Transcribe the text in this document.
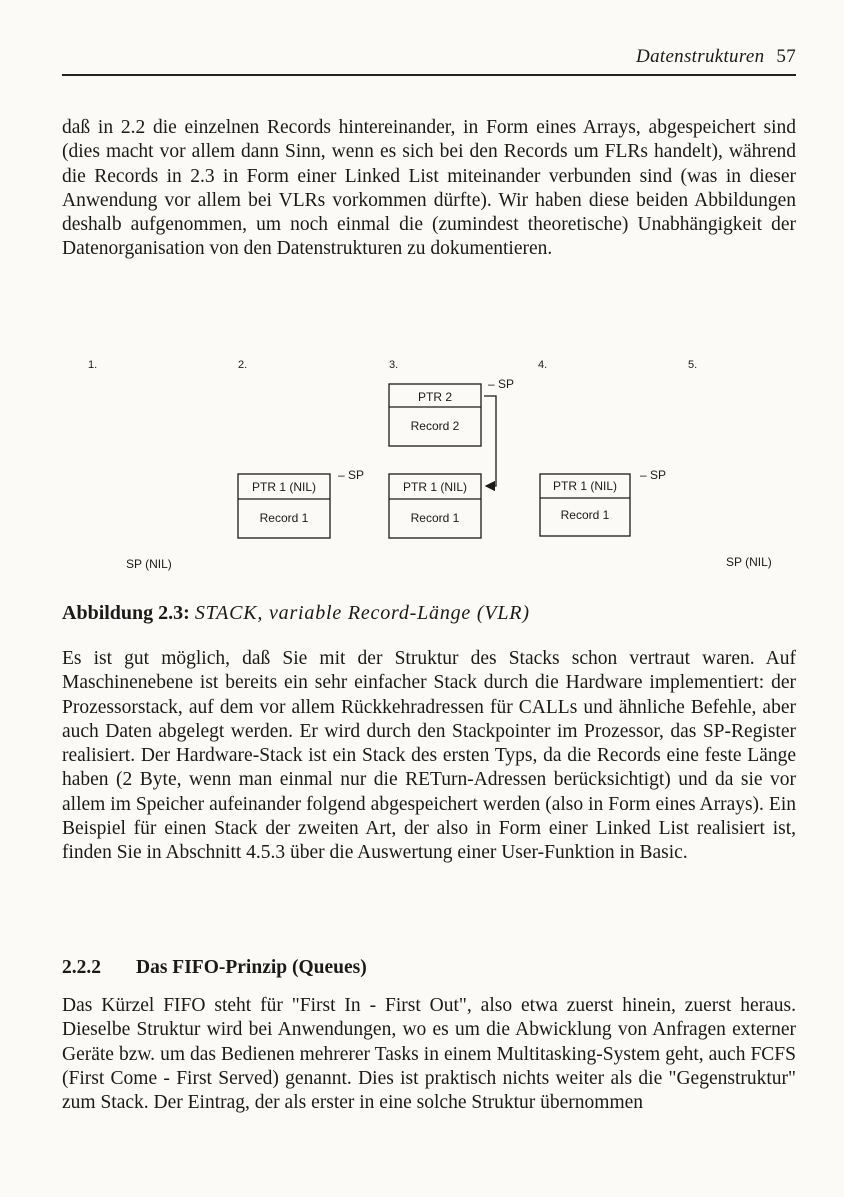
Datenstrukturen 57

daß in 2.2 die einzelnen Records hintereinander, in Form eines Arrays, abgespeichert sind (dies macht vor allem dann Sinn, wenn es sich bei den Records um FLRs handelt), während die Records in 2.3 in Form einer Linked List miteinander verbunden sind (was in dieser Anwendung vor allem bei VLRs vorkommen dürfte). Wir haben diese beiden Abbildungen deshalb aufgenommen, um noch einmal die (zumindest theoretische) Unabhängigkeit der Datenorganisation von den Datenstrukturen zu dokumentieren.

1.	2.	3.	4.	5.
PTR 1 (NIL)
Record 1
– SP
PTR 2
Record 2
– SP
PTR 1 (NIL)
Record 1
PTR 1 (NIL)
Record 1
– SP
SP (NIL)	SP (NIL)

Abbildung 2.3: STACK, variable Record-Länge (VLR)

Es ist gut möglich, daß Sie mit der Struktur des Stacks schon vertraut waren. Auf Maschinenebene ist bereits ein sehr einfacher Stack durch die Hardware implementiert: der Prozessorstack, auf dem vor allem Rückkehradressen für CALLs und ähnliche Befehle, aber auch Daten abgelegt werden. Er wird durch den Stackpointer im Prozessor, das SP-Register realisiert. Der Hardware-Stack ist ein Stack des ersten Typs, da die Records eine feste Länge haben (2 Byte, wenn man einmal nur die RETurn-Adressen berücksichtigt) und da sie vor allem im Speicher aufeinander folgend abgespeichert werden (also in Form eines Arrays). Ein Beispiel für einen Stack der zweiten Art, der also in Form einer Linked List realisiert ist, finden Sie in Abschnitt 4.5.3 über die Auswertung einer User-Funktion in Basic.

2.2.2 Das FIFO-Prinzip (Queues)

Das Kürzel FIFO steht für "First In - First Out", also etwa zuerst hinein, zuerst heraus. Dieselbe Struktur wird bei Anwendungen, wo es um die Abwicklung von Anfragen externer Geräte bzw. um das Bedienen mehrerer Tasks in einem Multitasking-System geht, auch FCFS (First Come - First Served) genannt. Dies ist praktisch nichts weiter als die "Gegenstruktur" zum Stack. Der Eintrag, der als erster in eine solche Struktur übernommen
